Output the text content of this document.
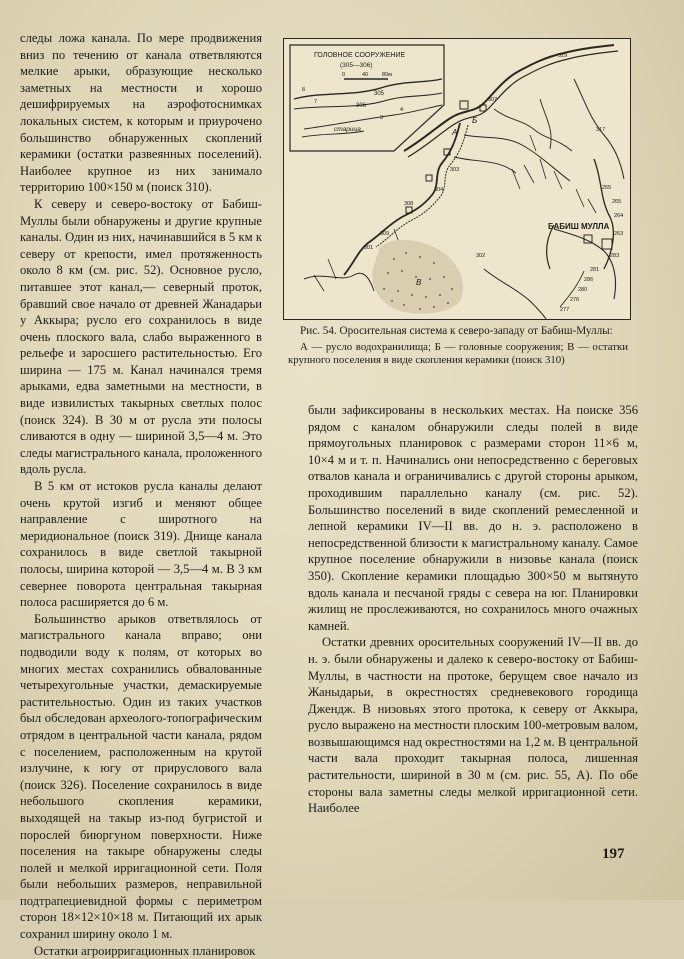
следы ложа канала. По мере продвижения вниз по течению от канала ответвляются мелкие арыки, образующие несколько заметных на местности и хорошо дешифрируемых на аэрофотоснимках локальных систем, к которым и приурочено большинство обнаруженных скоплений керамики (остатки развеянных поселений). Наиболее крупное из них занимало территорию 100×150 м (поиск 310).

К северу и северо-востоку от Бабиш-Муллы были обнаружены и другие крупные каналы. Один из них, начинавшийся в 5 км к северу от крепости, имел протяженность около 8 км (см. рис. 52). Основное русло, питавшее этот канал,— северный проток, бравший свое начало от древней Жанадарьи у Аккыра; русло его сохранилось в виде очень плоского вала, слабо выраженного в рельефе и заросшего растительностью. Его ширина — 175 м. Канал начинался тремя арыками, едва заметными на местности, в виде извилистых такырных светлых полос (поиск 324). В 30 м от русла эти полосы сливаются в одну — шириной 3,5—4 м. Это следы магистрального канала, проложенного вдоль русла.

В 5 км от истоков русла каналы делают очень крутой изгиб и меняют общее направление с широтного на меридиональное (поиск 319). Днище канала сохранилось в виде светлой такырной полосы, ширина которой — 3,5—4 м. В 3 км севернее поворота центральная такырная полоса расширяется до 6 м.

Большинство арыков ответвлялось от магистрального канала вправо; они подводили воду к полям, от которых во многих местах сохранились обвалованные четырехугольные участки, демаскируемые растительностью. Один из таких участков был обследован археолого-топографическим отрядом в центральной части канала, рядом с поселением, расположенным на крутой излучине, к югу от прируслового вала (поиск 326). Поселение сохранилось в виде небольшого скопления керамики, выходящей на такыр из-под бугристой и порослей биюргуном поверхности. Ниже поселения на такыре обнаружены следы полей и мелкой ирригационной сети. Поля были небольших размеров, неправильной подтрапециевидной формы с периметром сторон 18×12×10×18 м. Питающий их арык сохранил ширину около 1 м.

Остатки агроирригационных планировок

ГОЛОВНОЕ СООРУЖЕНИЕ
(305—306)
0	40	80м
старица
306
305
8
7
3
4
319
317
307
303
304
308
309
301
302
277
276
280
286
281
283
263
264
265
255
БАБИШ МУЛЛА
Б
А
В
Рис. 54. Оросительная система к северо-западу от Бабиш-Муллы:
А — русло водохранилища; Б — головные сооружения; В — остатки крупного поселения в виде скопления керамики (поиск 310)

были зафиксированы в нескольких местах. На поиске 356 рядом с каналом обнаружили следы полей в виде прямоугольных планировок с размерами сторон 11×6 м, 10×4 м и т. п. Начинались они непосредственно с береговых отвалов канала и ограничивались с другой стороны арыком, проходившим параллельно каналу (см. рис. 52). Большинство поселений в виде скоплений ремесленной и лепной керамики IV—II вв. до н. э. расположено в непосредственной близости к магистральному каналу. Самое крупное поселение обнаружили в низовье канала (поиск 350). Скопление керамики площадью 300×50 м вытянуто вдоль канала и песчаной гряды с севера на юг. Планировки жилищ не прослеживаются, но сохранилось много очажных камней.

Остатки древних оросительных сооружений IV—II вв. до н. э. были обнаружены и далеко к северо-востоку от Бабиш-Муллы, в частности на протоке, берущем свое начало из Жаныдарьи, в окрестностях средневекового городища Джендж. В низовьях этого протока, к северу от Аккыра, русло выражено на местности плоским 100-метровым валом, возвышающимся над окрестностями на 1,2 м. В центральной части вала проходит такырная полоса, лишенная растительности, шириной в 30 м (см. рис. 55, А). По обе стороны вала заметны следы мелкой ирригационной сети. Наиболее

197
